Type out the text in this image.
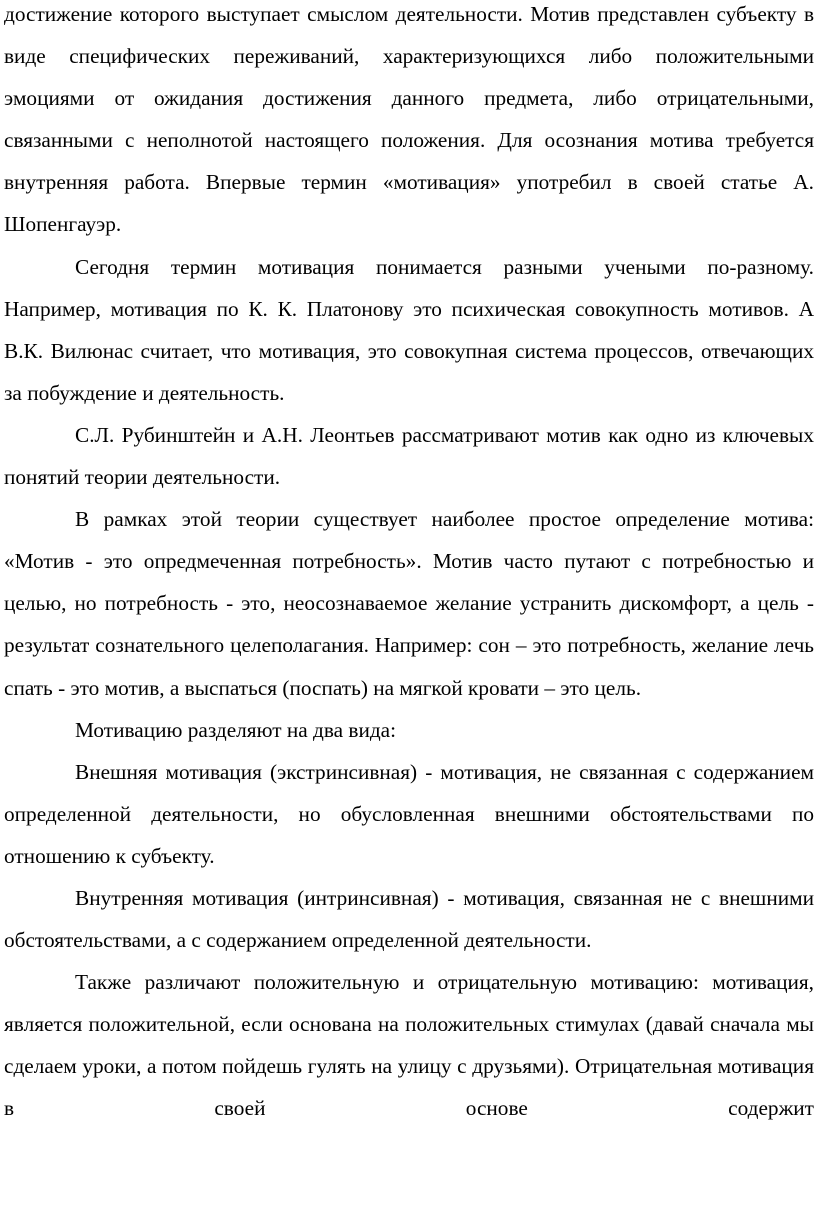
достижение которого выступает смыслом деятельности. Мотив представлен субъекту в виде специфических переживаний, характеризующихся либо положительными эмоциями от ожидания достижения данного предмета, либо отрицательными, связанными с неполнотой настоящего положения. Для осознания мотива требуется внутренняя работа. Впервые термин «мотивация» употребил в своей статье А. Шопенгауэр.

Сегодня термин мотивация понимается разными учеными по-разному. Например, мотивация по К. К. Платонову это психическая совокупность мотивов. А В.К. Вилюнас считает, что мотивация, это совокупная система процессов, отвечающих за побуждение и деятельность.

С.Л. Рубинштейн и А.Н. Леонтьев рассматривают мотив как одно из ключевых понятий теории деятельности.

В рамках этой теории существует наиболее простое определение мотива: «Мотив - это опредмеченная потребность». Мотив часто путают с потребностью и целью, но потребность - это, неосознаваемое желание устранить дискомфорт, а цель - результат сознательного целеполагания. Например: сон – это потребность, желание лечь спать - это мотив, а выспаться (поспать) на мягкой кровати – это цель.

Мотивацию разделяют на два вида:

Внешняя мотивация (экстринсивная) - мотивация, не связанная с содержанием определенной деятельности, но обусловленная внешними обстоятельствами по отношению к субъекту.

Внутренняя мотивация (интринсивная) - мотивация, связанная не с внешними обстоятельствами, а с содержанием определенной деятельности.

Также различают положительную и отрицательную мотивацию: мотивация, является положительной, если основана на положительных стимулах (давай сначала мы сделаем уроки, а потом пойдешь гулять на улицу с друзьями). Отрицательная мотивация в своей основе содержит
